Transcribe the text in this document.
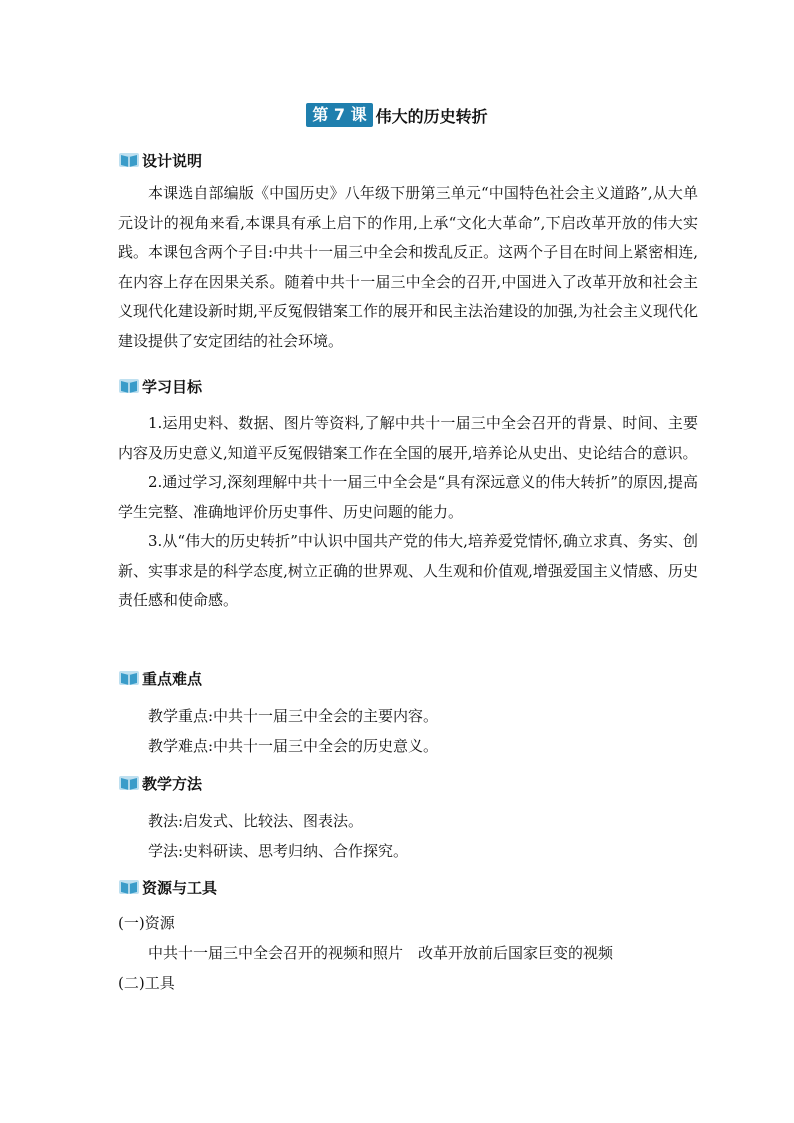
第 7 课 伟大的历史转折
设计说明

本课选自部编版《中国历史》八年级下册第三单元“中国特色社会主义道路”,从大单元设计的视角来看,本课具有承上启下的作用,上承“文化大革命”,下启改革开放的伟大实践。本课包含两个子目:中共十一届三中全会和拨乱反正。这两个子目在时间上紧密相连,在内容上存在因果关系。随着中共十一届三中全会的召开,中国进入了改革开放和社会主义现代化建设新时期,平反冤假错案工作的展开和民主法治建设的加强,为社会主义现代化建设提供了安定团结的社会环境。

学习目标

1.运用史料、数据、图片等资料,了解中共十一届三中全会召开的背景、时间、主要内容及历史意义,知道平反冤假错案工作在全国的展开,培养论从史出、史论结合的意识。

2.通过学习,深刻理解中共十一届三中全会是“具有深远意义的伟大转折”的原因,提高学生完整、准确地评价历史事件、历史问题的能力。

3.从“伟大的历史转折”中认识中国共产党的伟大,培养爱党情怀,确立求真、务实、创新、实事求是的科学态度,树立正确的世界观、人生观和价值观,增强爱国主义情感、历史责任感和使命感。

重点难点

教学重点:中共十一届三中全会的主要内容。

教学难点:中共十一届三中全会的历史意义。

教学方法

教法:启发式、比较法、图表法。

学法:史料研读、思考归纳、合作探究。

资源与工具

(一)资源

中共十一届三中全会召开的视频和照片　改革开放前后国家巨变的视频

(二)工具
